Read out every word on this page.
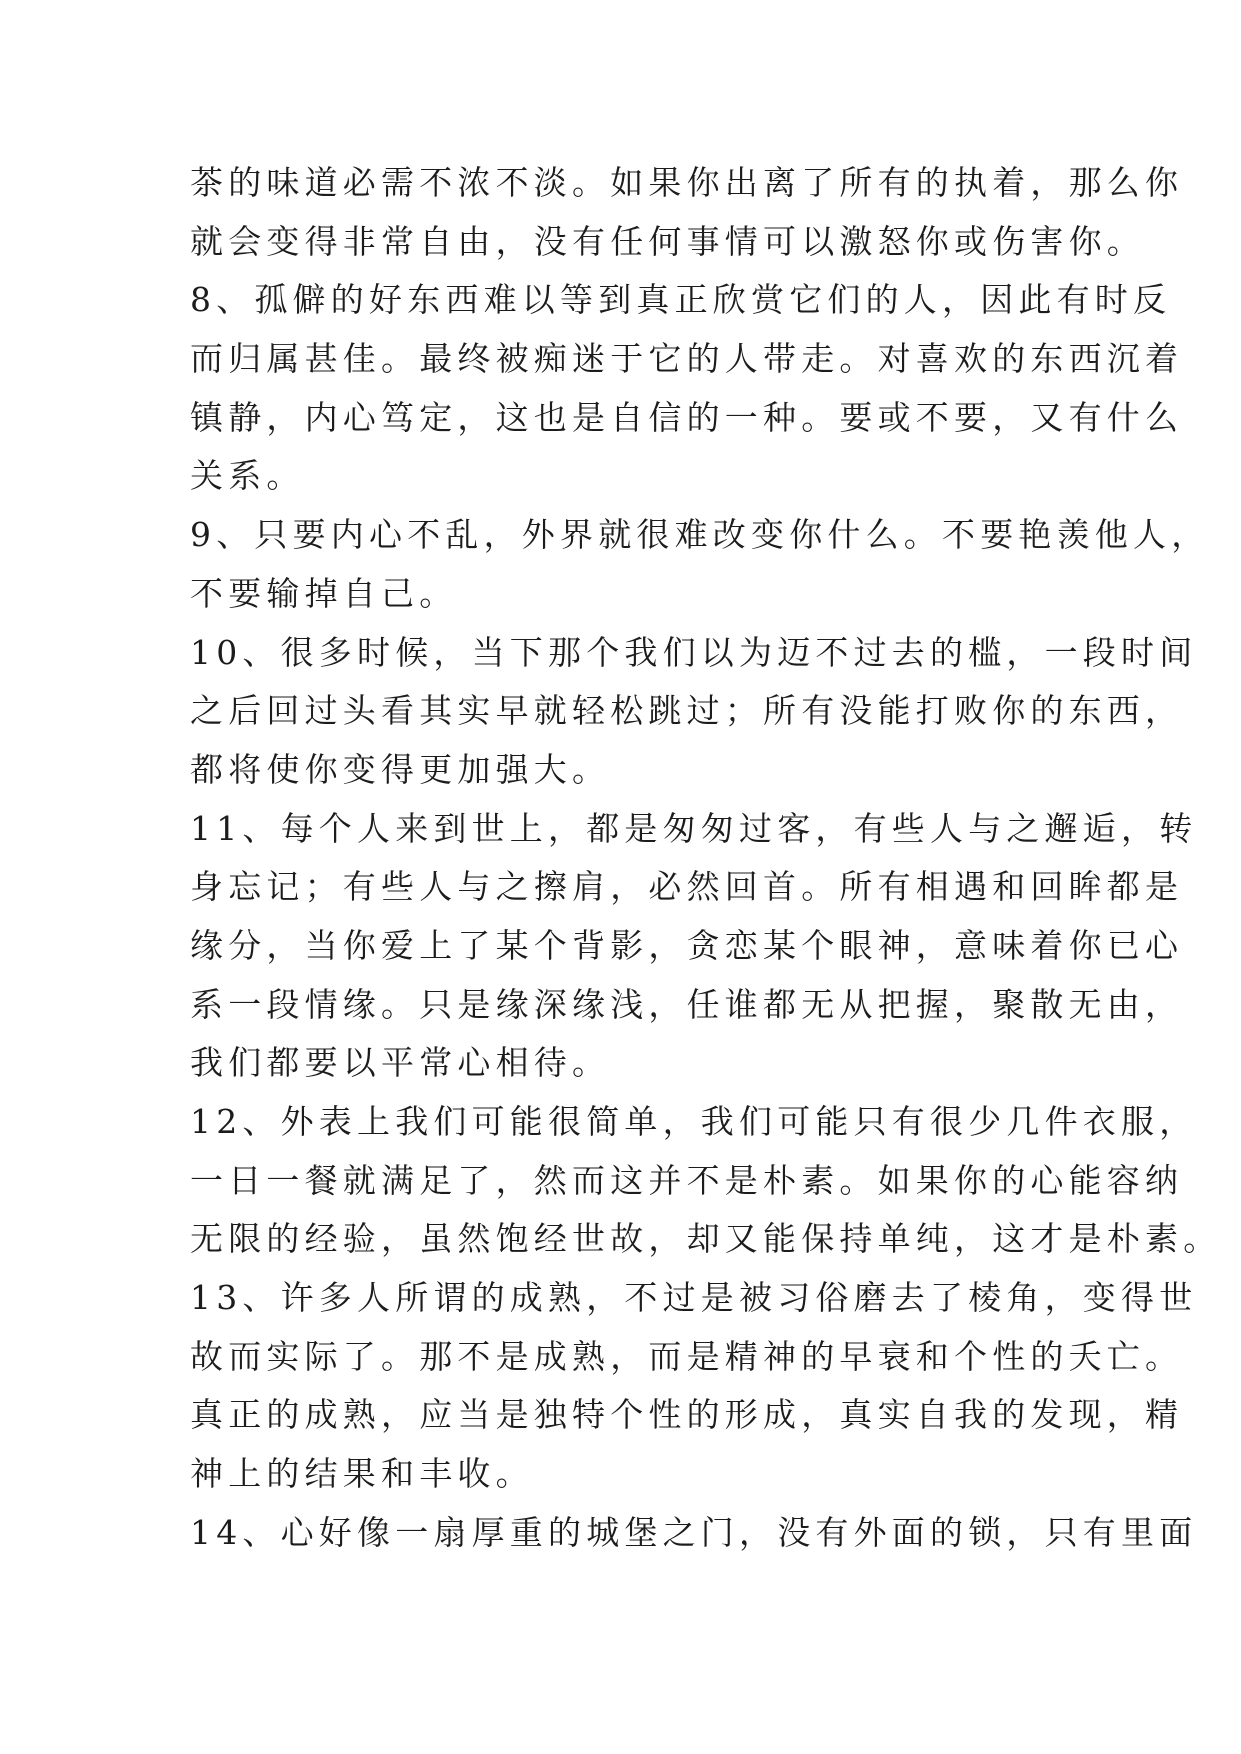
茶的味道必需不浓不淡。如果你出离了所有的执着，那么你
就会变得非常自由，没有任何事情可以激怒你或伤害你。
8、孤僻的好东西难以等到真正欣赏它们的人，因此有时反
而归属甚佳。最终被痴迷于它的人带走。对喜欢的东西沉着
镇静，内心笃定，这也是自信的一种。要或不要，又有什么
关系。
9、只要内心不乱，外界就很难改变你什么。不要艳羡他人，
不要输掉自己。
10、很多时候，当下那个我们以为迈不过去的槛，一段时间
之后回过头看其实早就轻松跳过；所有没能打败你的东西，
都将使你变得更加强大。
11、每个人来到世上，都是匆匆过客，有些人与之邂逅，转
身忘记；有些人与之擦肩，必然回首。所有相遇和回眸都是
缘分，当你爱上了某个背影，贪恋某个眼神，意味着你已心
系一段情缘。只是缘深缘浅，任谁都无从把握，聚散无由，
我们都要以平常心相待。
12、外表上我们可能很简单，我们可能只有很少几件衣服，
一日一餐就满足了，然而这并不是朴素。如果你的心能容纳
无限的经验，虽然饱经世故，却又能保持单纯，这才是朴素。
13、许多人所谓的成熟，不过是被习俗磨去了棱角，变得世
故而实际了。那不是成熟，而是精神的早衰和个性的夭亡。
真正的成熟，应当是独特个性的形成，真实自我的发现，精
神上的结果和丰收。
14、心好像一扇厚重的城堡之门，没有外面的锁，只有里面
